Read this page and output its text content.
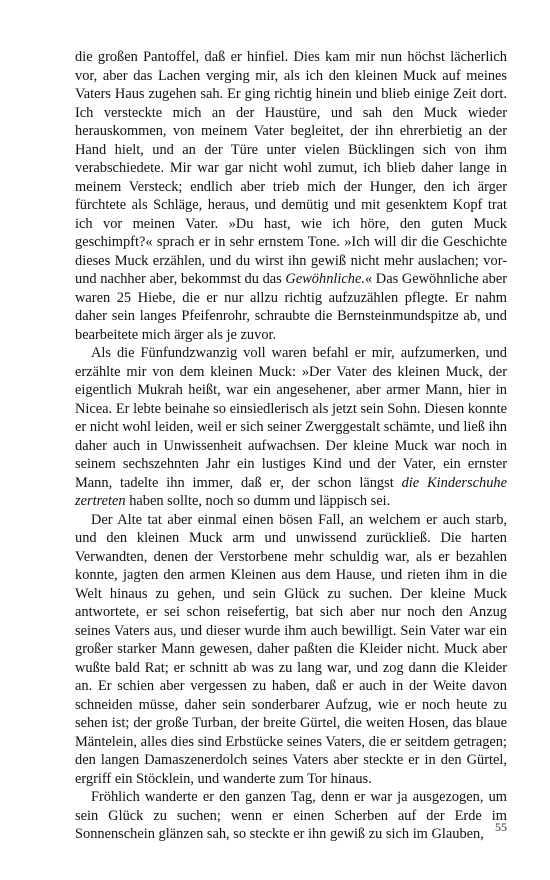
die großen Pantoffel, daß er hinfiel. Dies kam mir nun höchst lächerlich vor, aber das Lachen verging mir, als ich den kleinen Muck auf meines Vaters Haus zugehen sah. Er ging richtig hinein und blieb einige Zeit dort. Ich versteckte mich an der Haustüre, und sah den Muck wieder herauskommen, von meinem Vater begleitet, der ihn ehrerbietig an der Hand hielt, und an der Türe unter vielen Bücklingen sich von ihm verabschiedete. Mir war gar nicht wohl zumut, ich blieb daher lange in meinem Versteck; endlich aber trieb mich der Hunger, den ich ärger fürchtete als Schläge, heraus, und demütig und mit gesenktem Kopf trat ich vor meinen Vater. »Du hast, wie ich höre, den guten Muck geschimpft?« sprach er in sehr ernstem Tone. »Ich will dir die Geschichte dieses Muck erzählen, und du wirst ihn gewiß nicht mehr auslachen; vor- und nachher aber, bekommst du das Gewöhnliche.« Das Gewöhnliche aber waren 25 Hiebe, die er nur allzu richtig aufzuzählen pflegte. Er nahm daher sein langes Pfeifenrohr, schraubte die Bernsteinmundspitze ab, und bearbeitete mich ärger als je zuvor.

Als die Fünfundzwanzig voll waren befahl er mir, aufzumerken, und erzählte mir von dem kleinen Muck: »Der Vater des kleinen Muck, der eigentlich Mukrah heißt, war ein angesehener, aber armer Mann, hier in Nicea. Er lebte beinahe so einsiedlerisch als jetzt sein Sohn. Diesen konnte er nicht wohl leiden, weil er sich seiner Zwerggestalt schämte, und ließ ihn daher auch in Unwissenheit aufwachsen. Der kleine Muck war noch in seinem sechszehnten Jahr ein lustiges Kind und der Vater, ein ernster Mann, tadelte ihn immer, daß er, der schon längst die Kinderschuhe zertreten haben sollte, noch so dumm und läppisch sei.

Der Alte tat aber einmal einen bösen Fall, an welchem er auch starb, und den kleinen Muck arm und unwissend zurückließ. Die harten Verwandten, denen der Verstorbene mehr schuldig war, als er bezahlen konnte, jagten den armen Kleinen aus dem Hause, und rieten ihm in die Welt hinaus zu gehen, und sein Glück zu suchen. Der kleine Muck antwortete, er sei schon reisefertig, bat sich aber nur noch den Anzug seines Vaters aus, und dieser wurde ihm auch bewilligt. Sein Vater war ein großer starker Mann gewesen, daher paßten die Kleider nicht. Muck aber wußte bald Rat; er schnitt ab was zu lang war, und zog dann die Kleider an. Er schien aber vergessen zu haben, daß er auch in der Weite davon schneiden müsse, daher sein sonderbarer Aufzug, wie er noch heute zu sehen ist; der große Turban, der breite Gürtel, die weiten Hosen, das blaue Mäntelein, alles dies sind Erbstücke seines Vaters, die er seitdem getragen; den langen Damaszenerdolch seines Vaters aber steckte er in den Gürtel, ergriff ein Stöcklein, und wanderte zum Tor hinaus.

Fröhlich wanderte er den ganzen Tag, denn er war ja ausgezogen, um sein Glück zu suchen; wenn er einen Scherben auf der Erde im Sonnenschein glänzen sah, so steckte er ihn gewiß zu sich im Glauben, 55
